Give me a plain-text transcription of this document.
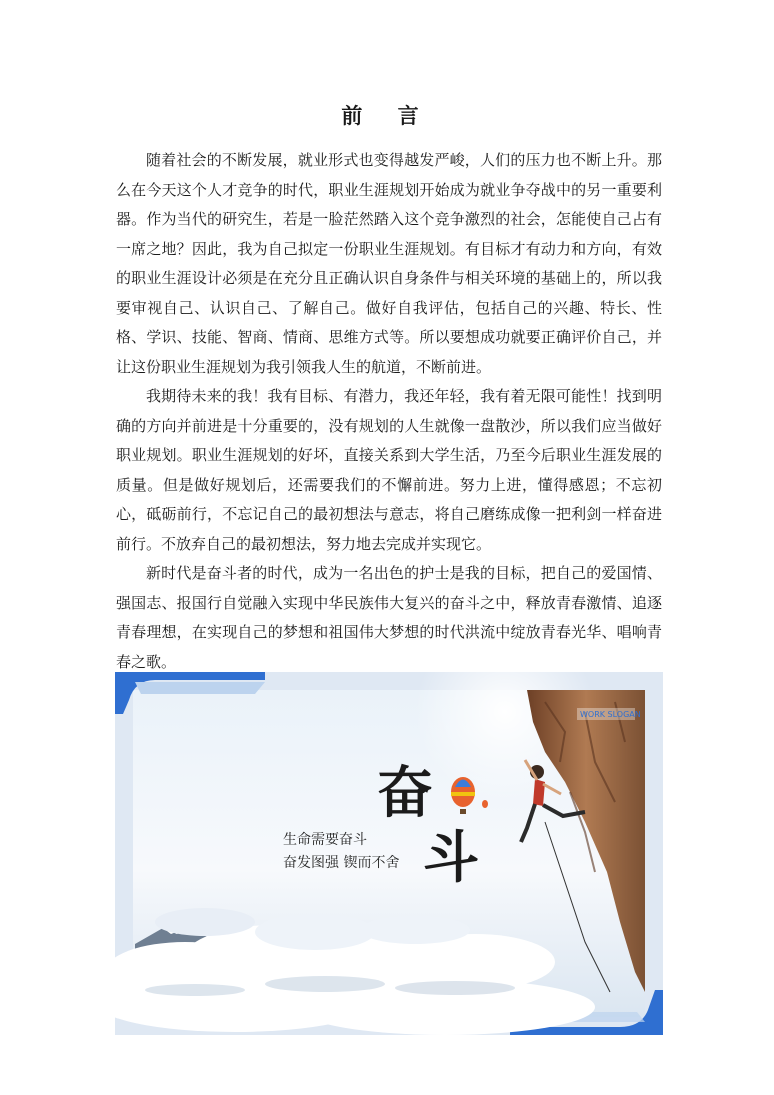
前 言

随着社会的不断发展，就业形式也变得越发严峻，人们的压力也不断上升。那么在今天这个人才竞争的时代，职业生涯规划开始成为就业争夺战中的另一重要利器。作为当代的研究生，若是一脸茫然踏入这个竞争激烈的社会，怎能使自己占有一席之地？因此，我为自己拟定一份职业生涯规划。有目标才有动力和方向，有效的职业生涯设计必须是在充分且正确认识自身条件与相关环境的基础上的，所以我要审视自己、认识自己、了解自己。做好自我评估，包括自己的兴趣、特长、性格、学识、技能、智商、情商、思维方式等。所以要想成功就要正确评价自己，并让这份职业生涯规划为我引领我人生的航道，不断前进。

我期待未来的我！我有目标、有潜力，我还年轻，我有着无限可能性！找到明确的方向并前进是十分重要的，没有规划的人生就像一盘散沙，所以我们应当做好职业规划。职业生涯规划的好坏，直接关系到大学生活，乃至今后职业生涯发展的质量。但是做好规划后，还需要我们的不懈前进。努力上进，懂得感恩；不忘初心，砥砺前行，不忘记自己的最初想法与意志，将自己磨练成像一把利剑一样奋进前行。不放弃自己的最初想法，努力地去完成并实现它。

新时代是奋斗者的时代，成为一名出色的护士是我的目标，把自己的爱国情、强国志、报国行自觉融入实现中华民族伟大复兴的奋斗之中，释放青春激情、追逐青春理想，在实现自己的梦想和祖国伟大梦想的时代洪流中绽放青春光华、唱响青春之歌。

奋
斗
生命需要奋斗
奋发图强 锲而不舍
WORK SLOGAN
